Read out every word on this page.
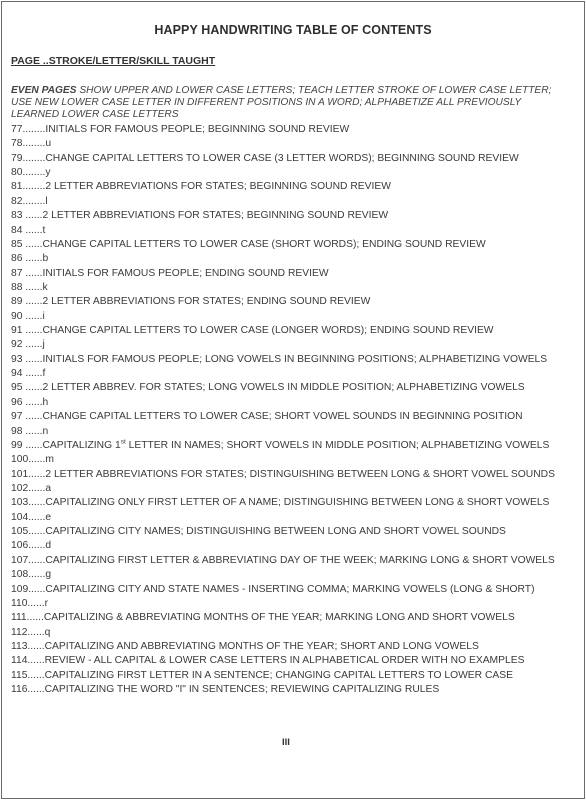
HAPPY HANDWRITING TABLE OF CONTENTS
PAGE ..STROKE/LETTER/SKILL TAUGHT
EVEN PAGES SHOW UPPER AND LOWER CASE LETTERS; TEACH LETTER STROKE OF LOWER CASE LETTER; USE NEW LOWER CASE LETTER IN DIFFERENT POSITIONS IN A WORD; ALPHABETIZE ALL PREVIOUSLY LEARNED LOWER CASE LETTERS
77........INITIALS FOR FAMOUS PEOPLE; BEGINNING SOUND REVIEW
78........u
79........CHANGE CAPITAL LETTERS TO LOWER CASE (3 LETTER WORDS); BEGINNING SOUND REVIEW
80........y
81........2 LETTER ABBREVIATIONS FOR STATES; BEGINNING SOUND REVIEW
82........l
83 ......2 LETTER ABBREVIATIONS FOR STATES; BEGINNING SOUND REVIEW
84 ......t
85 ......CHANGE CAPITAL LETTERS TO LOWER CASE (SHORT WORDS); ENDING SOUND REVIEW
86 ......b
87 ......INITIALS FOR FAMOUS PEOPLE; ENDING SOUND REVIEW
88 ......k
89 ......2 LETTER ABBREVIATIONS FOR STATES; ENDING SOUND REVIEW
90 ......i
91 ......CHANGE CAPITAL LETTERS TO LOWER CASE (LONGER WORDS); ENDING SOUND REVIEW
92 ......j
93 ......INITIALS FOR FAMOUS PEOPLE; LONG VOWELS IN BEGINNING POSITIONS; ALPHABETIZING VOWELS
94 ......f
95 ......2 LETTER ABBREV. FOR STATES; LONG VOWELS IN MIDDLE POSITION; ALPHABETIZING VOWELS
96 ......h
97 ......CHANGE CAPITAL LETTERS TO LOWER CASE; SHORT VOWEL SOUNDS IN BEGINNING POSITION
98 ......n
99 ......CAPITALIZING 1st LETTER IN NAMES; SHORT VOWELS IN MIDDLE POSITION; ALPHABETIZING VOWELS
100......m
101......2 LETTER ABBREVIATIONS FOR STATES; DISTINGUISHING BETWEEN LONG & SHORT VOWEL SOUNDS
102......a
103......CAPITALIZING ONLY FIRST LETTER OF A NAME; DISTINGUISHING BETWEEN LONG & SHORT VOWELS
104......e
105......CAPITALIZING CITY NAMES; DISTINGUISHING BETWEEN LONG AND SHORT VOWEL SOUNDS
106......d
107......CAPITALIZING FIRST LETTER & ABBREVIATING DAY OF THE WEEK; MARKING LONG & SHORT VOWELS
108......g
109......CAPITALIZING CITY AND STATE NAMES - INSERTING COMMA; MARKING VOWELS (LONG & SHORT)
110......r
111......CAPITALIZING & ABBREVIATING MONTHS OF THE YEAR; MARKING LONG AND SHORT VOWELS
112......q
113......CAPITALIZING AND ABBREVIATING MONTHS OF THE YEAR; SHORT AND LONG VOWELS
114......REVIEW - ALL CAPITAL & LOWER CASE LETTERS IN ALPHABETICAL ORDER WITH NO EXAMPLES
115......CAPITALIZING FIRST LETTER IN A SENTENCE; CHANGING CAPITAL LETTERS TO LOWER CASE
116......CAPITALIZING THE WORD "I" IN SENTENCES; REVIEWING CAPITALIZING RULES
III
